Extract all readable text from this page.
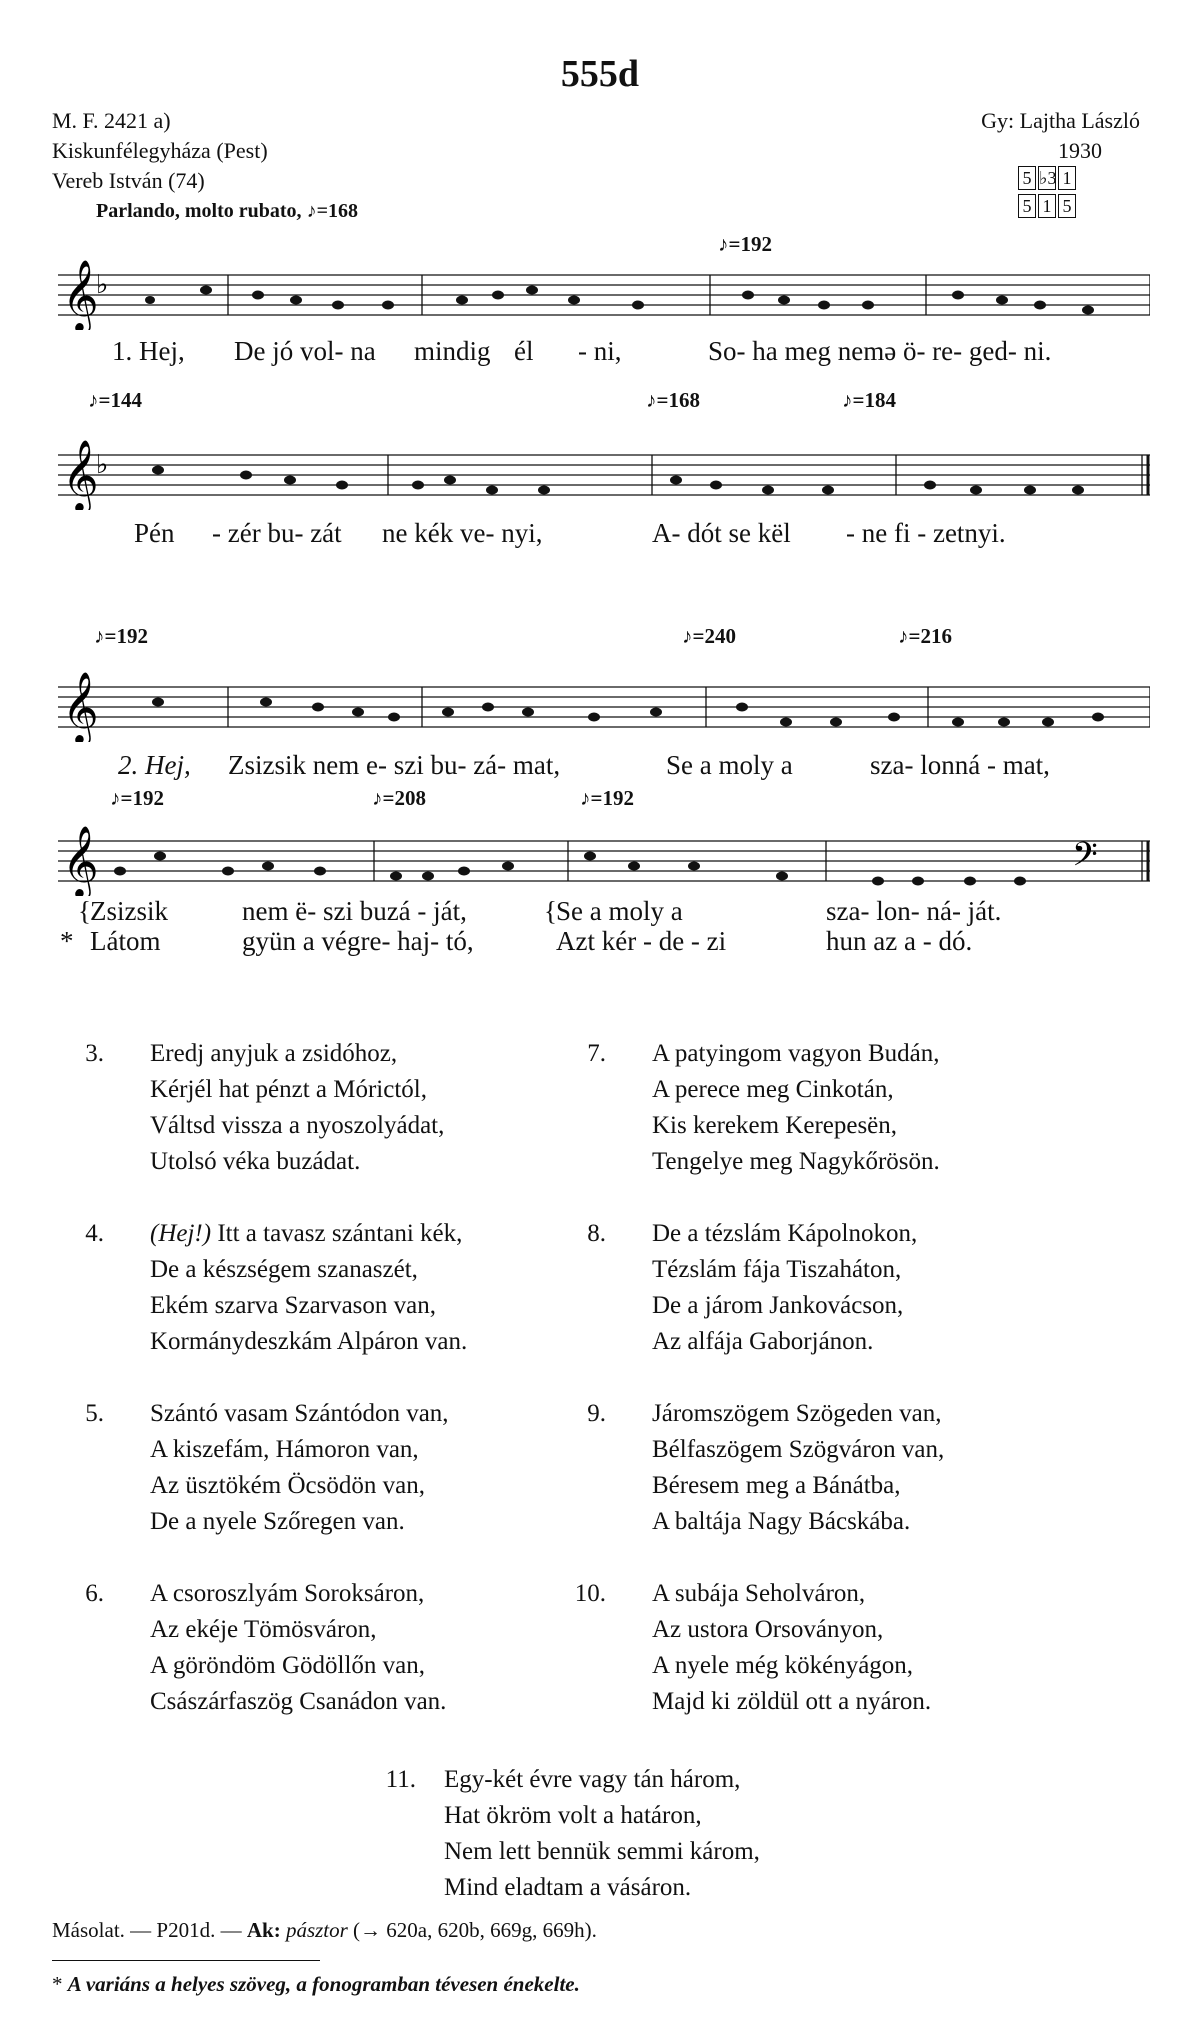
555d
M. F. 2421 a)
Kiskunfélegyháza (Pest)
Vereb István (74)
Gy: Lajtha László
1930
5 ♭3 1
5 1 5
Parlando, molto rubato, ♪=168
♪=192
𝄞
♭
1. Hej, De jó vol- na mindig él - ni,	So- ha meg nemə ö- re- ged- ni.
♪=144	♪=168	♪=184
𝄞
♭
Pén - zér bu- zát ne kék ve- nyi,	A- dót se kël - ne fi - zetnyi.
♪=192	♪=240	♪=216
𝄞
2. Hej, Zsizsik nem e- szi bu- zá- mat,	Se a moly a	sza- lonná - mat,
♪=192	♪=208	♪=192
𝄞	𝄢
{ Zsizsik	nem ë- szi buzá - ját,	{ Se a moly a	sza- lon- ná- ját.
* Látom	gyün a végre- haj- tó,	Azt kér - de - zi	hun az a - dó.
3. Eredj anyjuk a zsidóhoz,
Kérjél hat pénzt a Mórictól,
Váltsd vissza a nyoszolyádat,
Utolsó véka buzádat.
4. (Hej!) Itt a tavasz szántani kék,
De a készségem szanaszét,
Ekém szarva Szarvason van,
Kormánydeszkám Alpáron van.
5. Szántó vasam Szántódon van,
A kiszefám, Hámoron van,
Az üsztökém Öcsödön van,
De a nyele Szőregen van.
6. A csoroszlyám Soroksáron,
Az ekéje Tömösváron,
A göröndöm Gödöllőn van,
Császárfaszög Csanádon van.
7. A patyingom vagyon Budán,
A perece meg Cinkotán,
Kis kerekem Kerepesën,
Tengelye meg Nagykőrösön.
8. De a tézslám Kápolnokon,
Tézslám fája Tiszaháton,
De a járom Jankovácson,
Az alfája Gaborjánon.
9. Járomszögem Szögeden van,
Bélfaszögem Szögváron van,
Béresem meg a Bánátba,
A baltája Nagy Bácskába.
10. A subája Seholváron,
Az ustora Orsoványon,
A nyele még kökényágon,
Majd ki zöldül ott a nyáron.
11. Egy-két évre vagy tán három,
Hat ökröm volt a határon,
Nem lett bennük semmi károm,
Mind eladtam a vásáron.
Másolat. — P201d. — Ak: pásztor (→ 620a, 620b, 669g, 669h).
* A variáns a helyes szöveg, a fonogramban tévesen énekelte.
